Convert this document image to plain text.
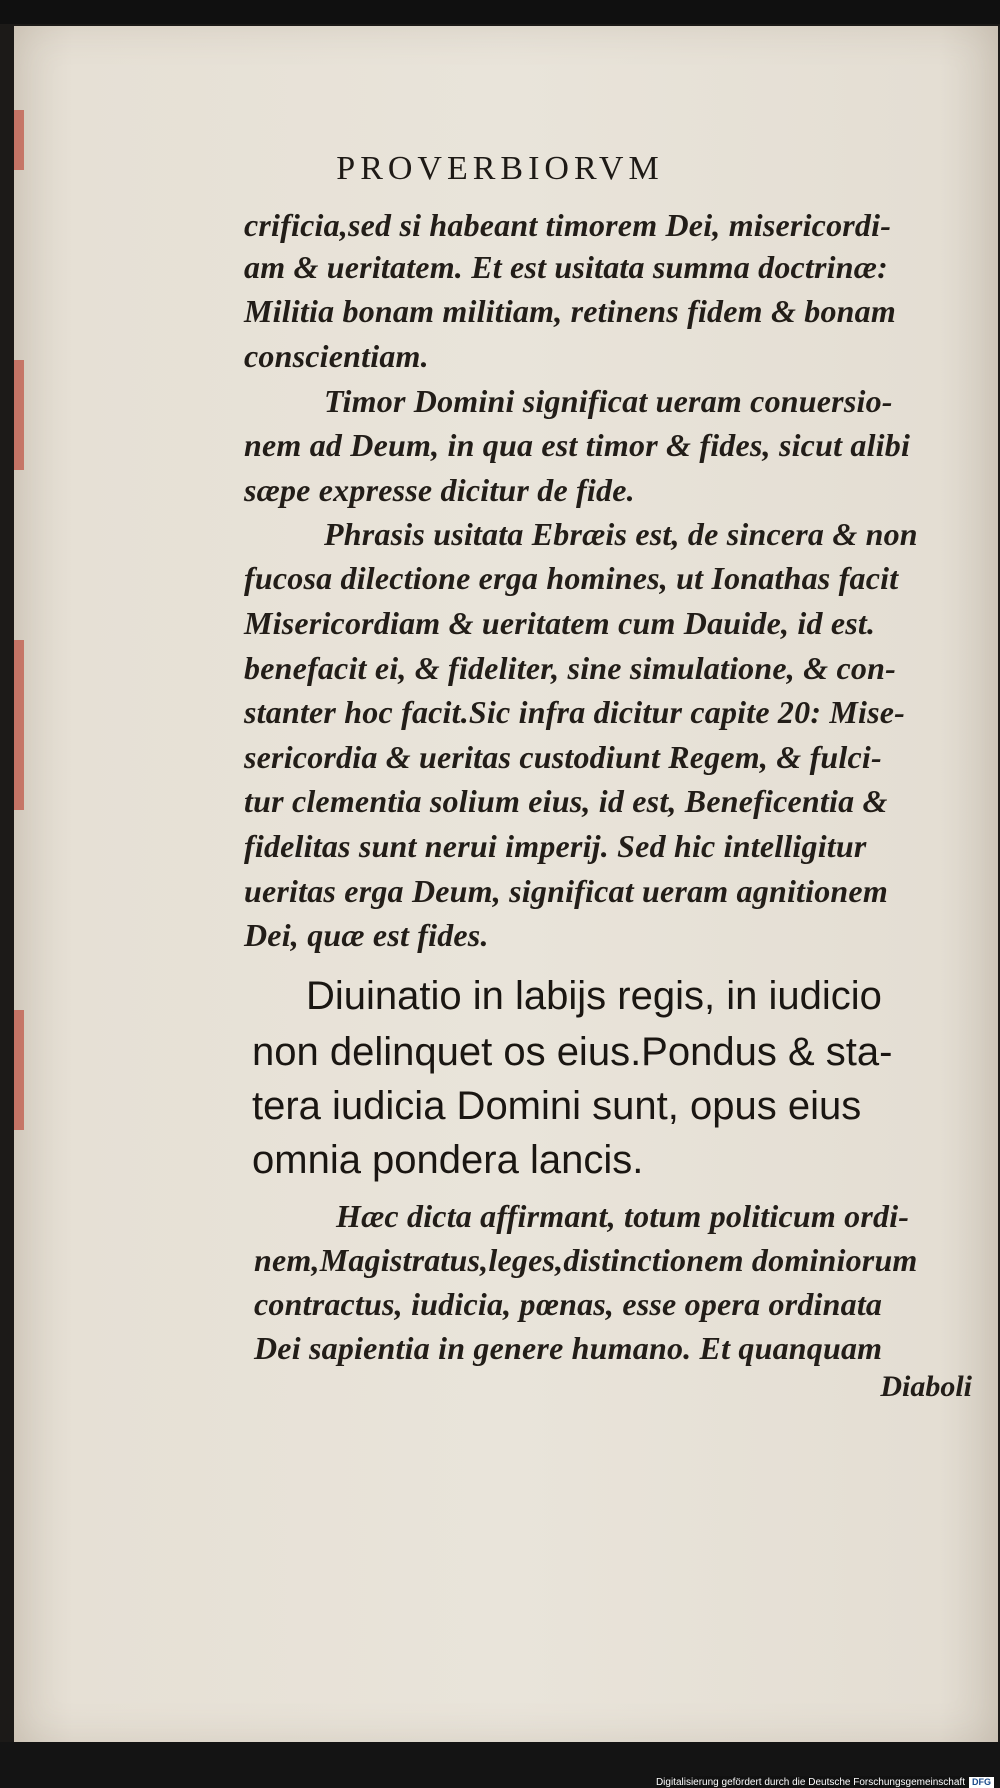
PROVERBIORVM
crificia,sed si habeant timorem Dei, misericordi-
am & ueritatem. Et est usitata summa doctrinæ:
Militia bonam militiam, retinens fidem & bonam
conscientiam.
Timor Domini significat ueram conuersio-
nem ad Deum, in qua est timor & fides, sicut alibi
sæpe expresse dicitur de fide.
Phrasis usitata Ebræis est, de sincera & non
fucosa dilectione erga homines, ut Ionathas facit
Misericordiam & ueritatem cum Dauide, id est.
benefacit ei, & fideliter, sine simulatione, & con-
stanter hoc facit.Sic infra dicitur capite 20: Mise-
sericordia & ueritas custodiunt Regem, & fulci-
tur clementia solium eius, id est, Beneficentia &
fidelitas sunt nerui imperij. Sed hic intelligitur
ueritas erga Deum, significat ueram agnitionem
Dei, quæ est fides.
Diuinatio in labijs regis, in iudicio
non delinquet os eius.Pondus & sta-
tera iudicia Domini sunt, opus eius
omnia pondera lancis.
Hæc dicta affirmant, totum politicum ordi-
nem,Magistratus,leges,distinctionem dominiorum
contractus, iudicia, pœnas, esse opera ordinata
Dei sapientia in genere humano. Et quanquam
Diaboli
Digitalisierung gefördert durch die Deutsche Forschungsgemeinschaft DFG
